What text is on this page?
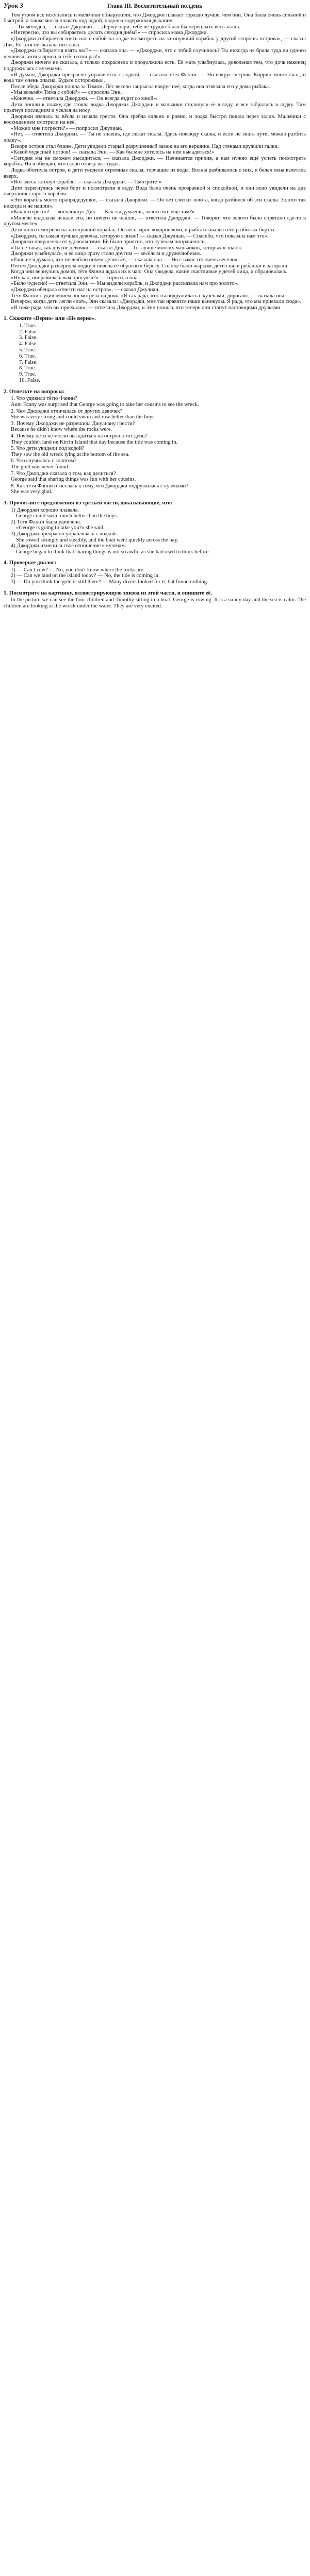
Урок 3	Глава III. Восхитительный полдень

Тем утром все искупались и мальчики обнаружили, что Джорджи плавает гораздо лучше, чем они. Она была очень сильной и быстрой, а также могла плавать под водой, надолго задерживая дыхание.

— Ты молодец, — сказал Джулиан. — Держу пари, тебе не трудно было бы переплыть весь залив.

«Интересно, что вы собираетесь делать сегодня днём?» — спросила мама Джорджи.

«Джорджи собирается взять нас с собой на лодке посмотреть на затонувший корабль у другой стороны острова», — сказал Дик. Её тётя не сказала ни слова.

«Джорджи собирается взять вас?» — сказала она. — «Джорджи, что с тобой случилось? Ты никогда не брала туда ни одного человека, хотя я просила тебя сотни раз!»

Джорджи ничего не сказала, а только покраснела и продолжила есть. Её мать улыбнулась, довольная тем, что дочь наконец подружилась с кузенами.

«Я думаю, Джорджи прекрасно управляется с лодкой, — сказала тётя Фанни. — Но вокруг острова Киррин много скал, и вода там очень опасна. Будьте осторожны».

После обеда Джорджи пошла за Тимом. Пёс весело запрыгал вокруг неё, когда она отвязала его у дома рыбака.

«Мы возьмём Тима с собой?» — спросила Энн.

«Конечно, — ответила Джорджи. — Он всегда ездит со мной».

Дети пошли к пляжу, где стояла лодка Джорджи. Джорджи и мальчики столкнули её в воду, и все забрались в лодку. Тим прыгнул последним и уселся на носу.

Джорджи взялась за вёсла и начала грести. Она гребла сильно и ровно, и лодка быстро пошла через залив. Мальчики с восхищением смотрели на неё.

«Можно мне погрести?» — попросил Джулиан.

«Нет, — ответила Джорджи. — Ты не знаешь, где лежат скалы. Здесь повсюду скалы, и если не знать пути, можно разбить лодку».

Вскоре остров стал ближе. Дети увидели старый разрушенный замок на его вершине. Над стенами кружили галки.

«Какой чудесный остров! — сказала Энн. — Как бы мне хотелось на нём высадиться!»

«Сегодня мы не сможем высадиться, — сказала Джорджи. — Начинается прилив, а нам нужно ещё успеть посмотреть корабль. Но я обещаю, что скоро отвезу вас туда».

Лодка обогнула остров, и дети увидели огромные скалы, торчащие из воды. Волны разбивались о них, и белая пена взлетала вверх.

«Вот здесь затонул корабль, — сказала Джорджи. — Смотрите!»

Дети перегнулись через борт и посмотрели в воду. Вода была очень прозрачной и спокойной, и они ясно увидели на дне очертания старого корабля.

«Это корабль моего прапрадедушки, — сказала Джорджи. — Он вёз слитки золота, когда разбился об эти скалы. Золото так никогда и не нашли».

«Как интересно! — воскликнул Дик. — Как ты думаешь, золото всё ещё там?»

«Многие водолазы искали его, но ничего не нашли, — ответила Джорджи. — Говорят, что золото было спрятано где-то в другом месте».

Дети долго смотрели на затонувший корабль. Он весь зарос водорослями, и рыбы плавали в его разбитых бортах.

«Джорджи, ты самая лучшая девочка, которую я знаю! — сказал Джулиан. — Спасибо, что показала нам это».

Джорджи покраснела от удовольствия. Ей было приятно, что кузенам понравилось.

«Ты не такая, как другие девочки, — сказал Дик. — Ты лучше многих мальчиков, которых я знаю».

Джорджи улыбнулась, и её лицо сразу стало другим — весёлым и дружелюбным.

«Раньше я думала, что не люблю ничем делиться, — сказала она. — Но с вами это очень весело».

Потом Джорджи развернула лодку и повела её обратно к берегу. Солнце было жарким, дети сняли рубашки и загорали.

Когда они вернулись домой, тётя Фанни ждала их к чаю. Она увидела, какие счастливые у детей лица, и обрадовалась.

«Ну как, понравилась вам прогулка?» — спросила она.

«Было чудесно! — ответила Энн. — Мы видели корабль, и Джорджи рассказала нам про золото».

«Джорджи обещала отвезти нас на остров», — сказал Джулиан.

Тётя Фанни с удивлением посмотрела на дочь. «Я так рада, что ты подружилась с кузенами, дорогая», — сказала она.

Вечером, когда дети легли спать, Энн сказала: «Джорджи, мне так нравятся наши каникулы. Я рада, что мы приехали сюда».

«Я тоже рада, что вы приехали», — ответила Джорджи, и Энн поняла, что теперь они станут настоящими друзьями.

1. Скажите «Верно» или «Не верно».
1. True.
2. False.
3. False.
4. False.
5. True.
6. True.
7. False.
8. True.
9. True.
10. False.
2. Ответьте на вопросы:
1. Что удивило тётю Фанни?
Aunt Fanny was surprised that George was going to take her cousins to see the wreck.
2. Чем Джорджи отличалась от других девочек?
She was very strong and could swim and row better than the boys.
3. Почему Джорджи не разрешила Джулиану грести?
Because he didn't know where the rocks were.
4. Почему дети не могли высадиться на остров в тот день?
They couldn't land on Kirrin Island that day because the tide was coming in.
5. Что дети увидели под водой?
They saw the old wreck lying at the bottom of the sea.
6. Что случилось с золотом?
The gold was never found.
7. Что Джорджи сказала о том, как делиться?
George said that sharing things was fun with her cousins.
8. Как тётя Фанни отнеслась к тому, что Джорджи подружилась с кузенами?
She was very glad.
3. Прочитайте предложения из третьей части, доказывающие, что:
1) Джорджи хорошо плавала.
George could swim much better than the boys.
2) Тётя Фанни была удивлена.
«George is going to take you?» she said.
3) Джорджи прекрасно управлялась с лодкой.
She rowed strongly and steadily, and the boat went quickly across the bay.
4) Джорджи изменила своё отношение к кузенам.
George began to think that sharing things is not so awful as she had used to think before.
4. Проверьте диалог:
1) — Can I row? — No, you don't know where the rocks are.
2) — Can we land on the island today? — No, the tide is coming in.
3) — Do you think the gold is still there? — Many divers looked for it, but found nothing.
5. Посмотрите на картинку, иллюстрирующую эпизод из этой части, и опишите её.
In the picture we can see the four children and Timothy sitting in a boat. George is rowing. It is a sunny day and the sea is calm. The children are looking at the wreck under the water. They are very excited.
